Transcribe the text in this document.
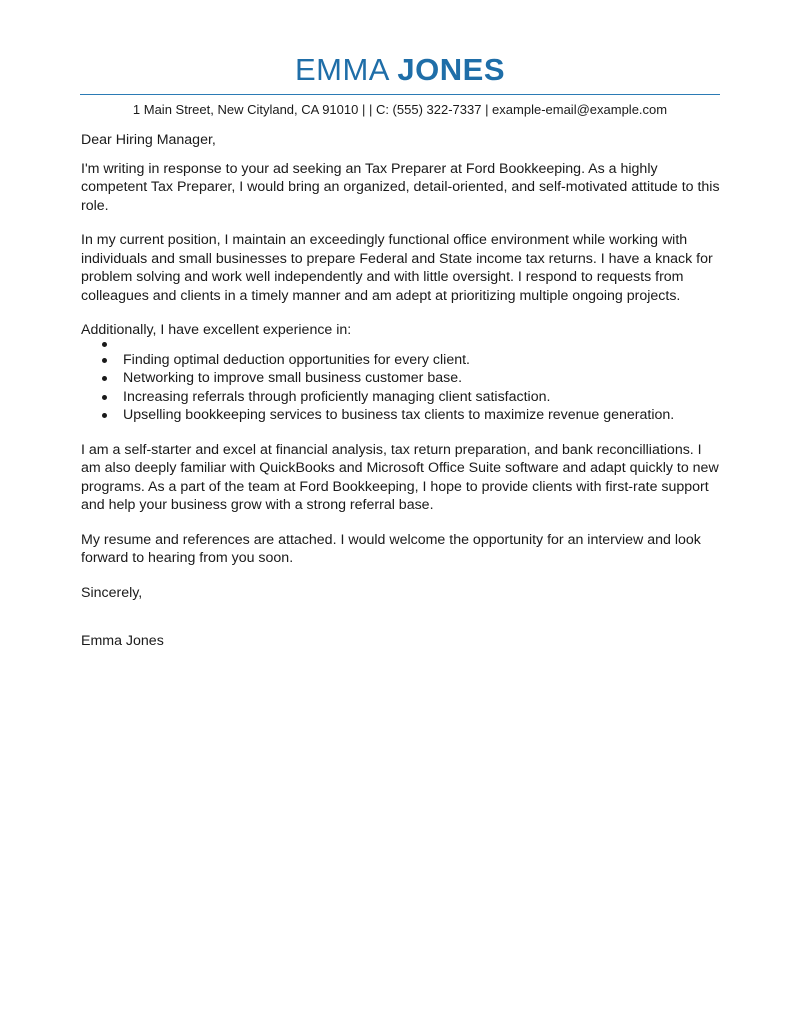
EMMA JONES
1 Main Street, New Cityland, CA 91010 | | C: (555) 322-7337 | example-email@example.com

Dear Hiring Manager,

I'm writing in response to your ad seeking an Tax Preparer at Ford Bookkeeping. As a highly competent Tax Preparer, I would bring an organized, detail-oriented, and self-motivated attitude to this role.

In my current position, I maintain an exceedingly functional office environment while working with individuals and small businesses to prepare Federal and State income tax returns. I have a knack for problem solving and work well independently and with little oversight. I respond to requests from colleagues and clients in a timely manner and am adept at prioritizing multiple ongoing projects.

Additionally, I have excellent experience in:

Finding optimal deduction opportunities for every client.
Networking to improve small business customer base.
Increasing referrals through proficiently managing client satisfaction.
Upselling bookkeeping services to business tax clients to maximize revenue generation.

I am a self-starter and excel at financial analysis, tax return preparation, and bank reconcilliations. I am also deeply familiar with QuickBooks and Microsoft Office Suite software and adapt quickly to new programs. As a part of the team at Ford Bookkeeping, I hope to provide clients with first-rate support and help your business grow with a strong referral base.

My resume and references are attached. I would welcome the opportunity for an interview and look forward to hearing from you soon.

Sincerely,

Emma Jones
